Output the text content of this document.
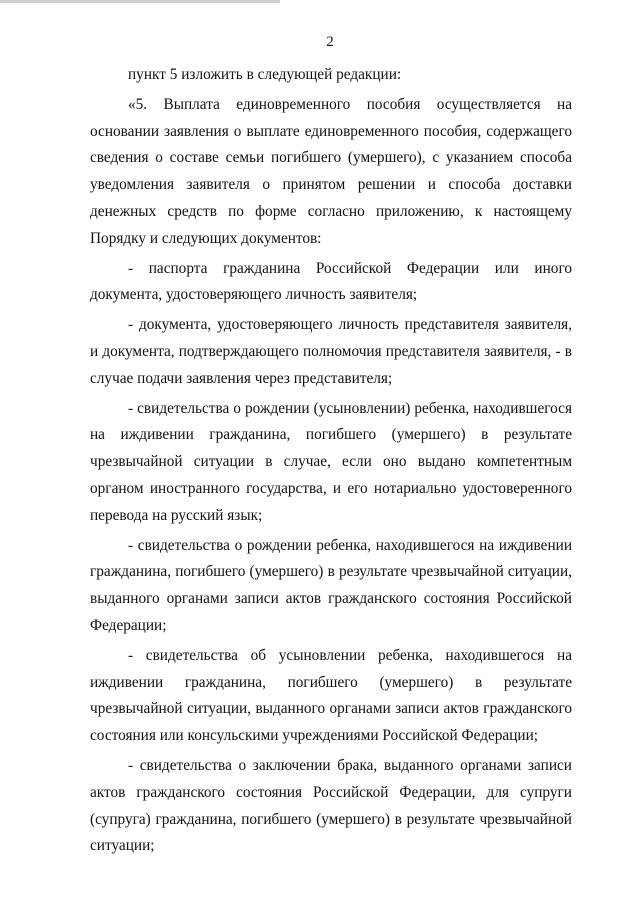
2

пункт 5 изложить в следующей редакции:

«5. Выплата единовременного пособия осуществляется на основании заявления о выплате единовременного пособия, содержащего сведения о составе семьи погибшего (умершего), с указанием способа уведомления заявителя о принятом решении и способа доставки денежных средств по форме согласно приложению, к настоящему Порядку и следующих документов:

- паспорта гражданина Российской Федерации или иного документа, удостоверяющего личность заявителя;

- документа, удостоверяющего личность представителя заявителя, и документа, подтверждающего полномочия представителя заявителя, - в случае подачи заявления через представителя;

- свидетельства о рождении (усыновлении) ребенка, находившегося на иждивении гражданина, погибшего (умершего) в результате чрезвычайной ситуации в случае, если оно выдано компетентным органом иностранного государства, и его нотариально удостоверенного перевода на русский язык;

- свидетельства о рождении ребенка, находившегося на иждивении гражданина, погибшего (умершего) в результате чрезвычайной ситуации, выданного органами записи актов гражданского состояния Российской Федерации;

- свидетельства об усыновлении ребенка, находившегося на иждивении гражданина, погибшего (умершего) в результате чрезвычайной ситуации, выданного органами записи актов гражданского состояния или консульскими учреждениями Российской Федерации;

- свидетельства о заключении брака, выданного органами записи актов гражданского состояния Российской Федерации, для супруги (супруга) гражданина, погибшего (умершего) в результате чрезвычайной ситуации;
